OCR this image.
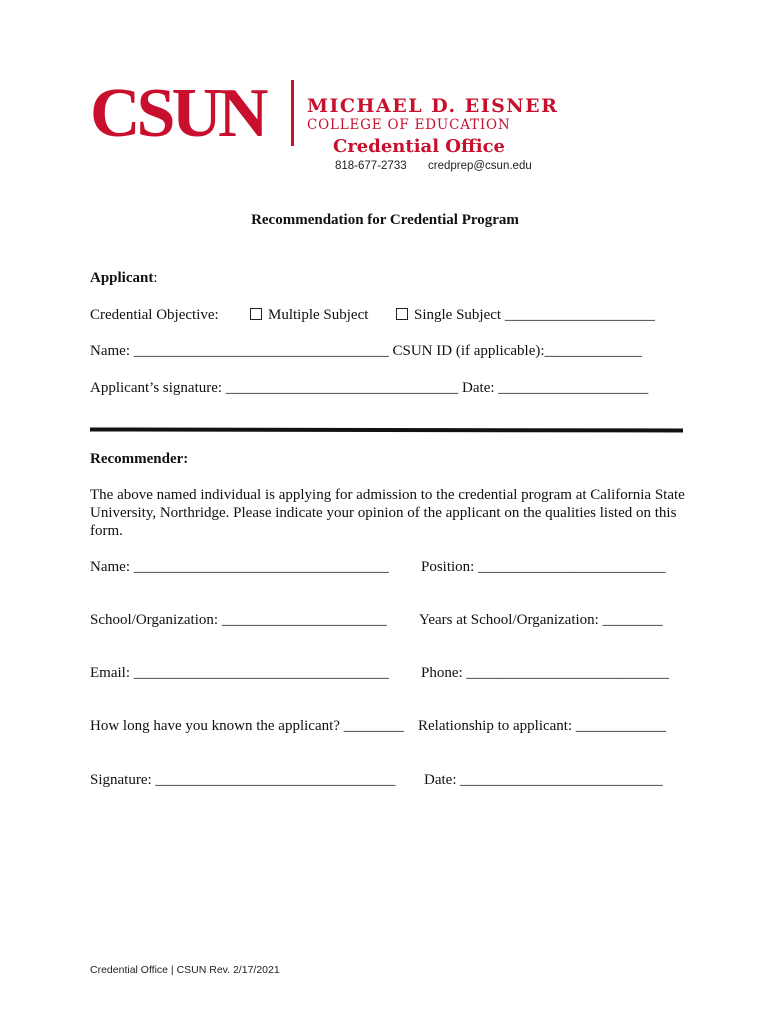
CSUN MICHAEL D. EISNER
COLLEGE OF EDUCATION
Credential Office
818-677-2733 credprep@csun.edu
Recommendation for Credential Program
Applicant:
Credential Objective:	Multiple Subject	Single Subject ____________________
Name: __________________________________ CSUN ID (if applicable):_____________
Applicant’s signature: _______________________________ Date: ____________________
Recommender:
The above named individual is applying for admission to the credential program at California State University, Northridge. Please indicate your opinion of the applicant on the qualities listed on this form.
Name: __________________________________ Position: _________________________
School/Organization: ______________________ Years at School/Organization: ________
Email: __________________________________ Phone: ___________________________
How long have you known the applicant? ________ Relationship to applicant: ____________
Signature: ________________________________ Date: ___________________________
Credential Office | CSUN Rev. 2/17/2021
